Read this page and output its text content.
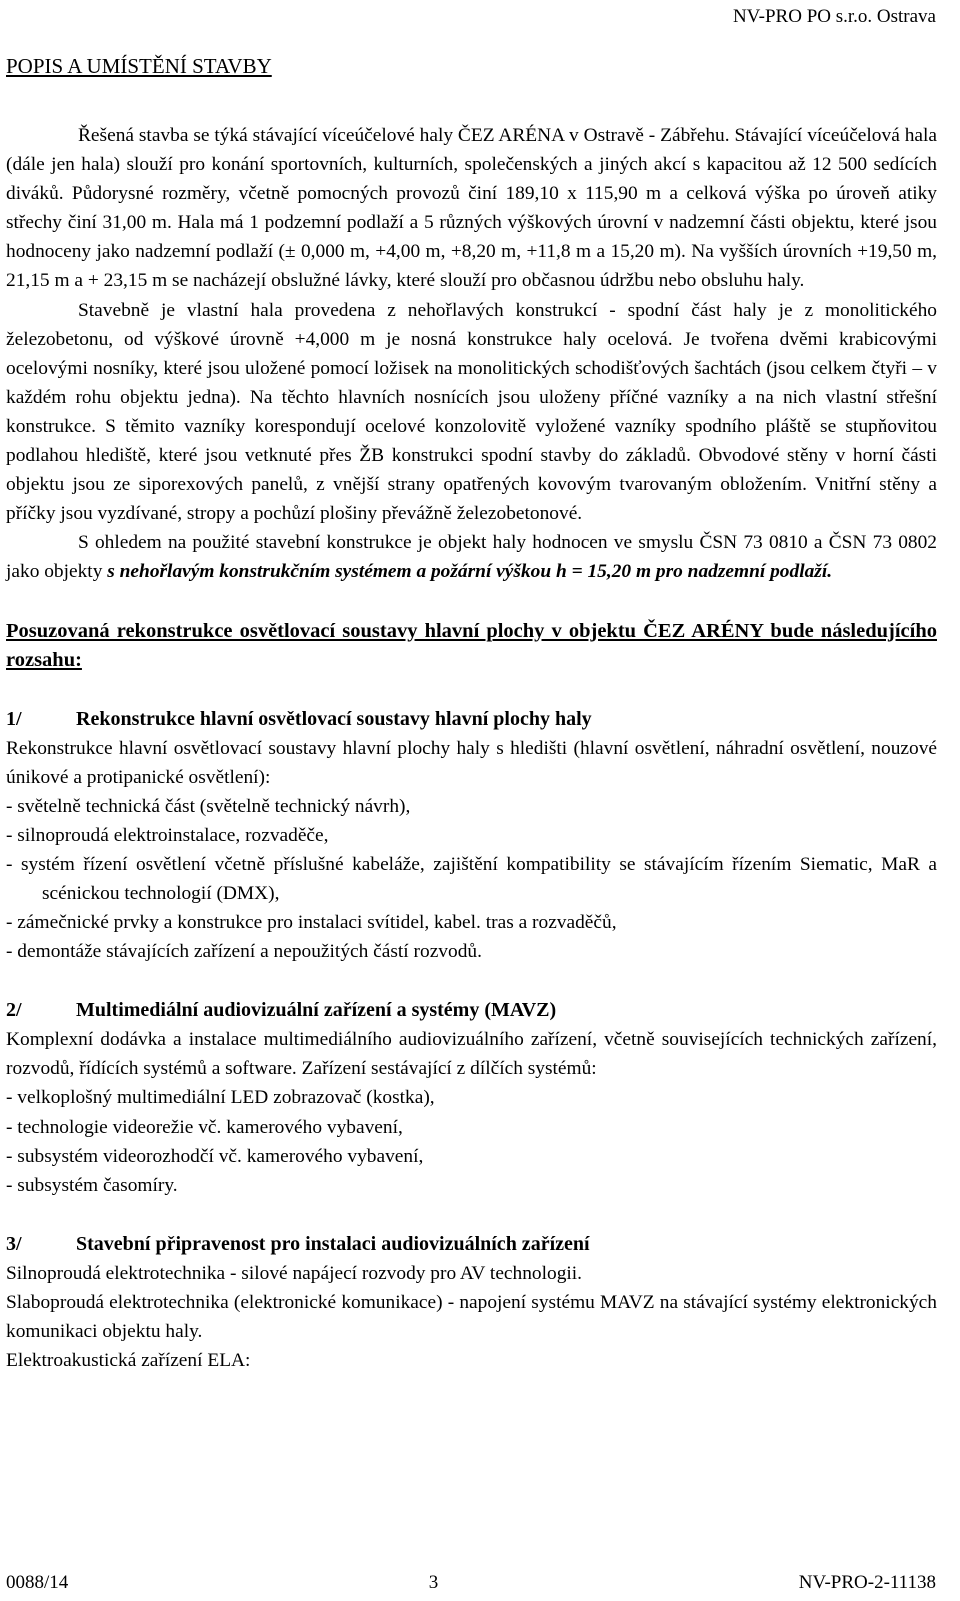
NV-PRO PO s.r.o. Ostrava

POPIS A UMÍSTĚNÍ STAVBY

Řešená stavba se týká stávající víceúčelové haly ČEZ ARÉNA v Ostravě - Zábřehu. Stávající víceúčelová hala (dále jen hala) slouží pro konání sportovních, kulturních, společenských a jiných akcí s kapacitou až 12 500 sedících diváků. Půdorysné rozměry, včetně pomocných provozů činí 189,10 x 115,90 m a celková výška po úroveň atiky střechy činí 31,00 m. Hala má 1 podzemní podlaží a 5 různých výškových úrovní v nadzemní části objektu, které jsou hodnoceny jako nadzemní podlaží (± 0,000 m, +4,00 m, +8,20 m, +11,8 m a 15,20 m). Na vyšších úrovních +19,50 m, 21,15 m a + 23,15 m se nacházejí obslužné lávky, které slouží pro občasnou údržbu nebo obsluhu haly.

Stavebně je vlastní hala provedena z nehořlavých konstrukcí - spodní část haly je z monolitického železobetonu, od výškové úrovně +4,000 m je nosná konstrukce haly ocelová. Je tvořena dvěmi krabicovými ocelovými nosníky, které jsou uložené pomocí ložisek na monolitických schodišťových šachtách (jsou celkem čtyři – v každém rohu objektu jedna). Na těchto hlavních nosnících jsou uloženy příčné vazníky a na nich vlastní střešní konstrukce. S těmito vazníky korespondují ocelové konzolovitě vyložené vazníky spodního pláště se stupňovitou podlahou hlediště, které jsou vetknuté přes ŽB konstrukci spodní stavby do základů. Obvodové stěny v horní části objektu jsou ze siporexových panelů, z vnější strany opatřených kovovým tvarovaným obložením. Vnitřní stěny a příčky jsou vyzdívané, stropy a pochůzí plošiny převážně železobetonové.

S ohledem na použité stavební konstrukce je objekt haly hodnocen ve smyslu ČSN 73 0810 a ČSN 73 0802 jako objekty s nehořlavým konstrukčním systémem a požární výškou h = 15,20 m pro nadzemní podlaží.

Posuzovaná rekonstrukce osvětlovací soustavy hlavní plochy v objektu ČEZ ARÉNY bude následujícího rozsahu:

1/	Rekonstrukce hlavní osvětlovací soustavy hlavní plochy haly

Rekonstrukce hlavní osvětlovací soustavy hlavní plochy haly s hledišti (hlavní osvětlení, náhradní osvětlení, nouzové únikové a protipanické osvětlení):

- světelně technická část (světelně technický návrh),

- silnoproudá elektroinstalace, rozvaděče,

- systém řízení osvětlení včetně příslušné kabeláže, zajištění kompatibility se stávajícím řízením Siematic, MaR a scénickou technologií (DMX),

- zámečnické prvky a konstrukce pro instalaci svítidel, kabel. tras a rozvaděčů,

- demontáže stávajících zařízení a nepoužitých částí rozvodů.

2/	Multimediální audiovizuální zařízení a systémy (MAVZ)

Komplexní dodávka a instalace multimediálního audiovizuálního zařízení, včetně souvisejících technických zařízení, rozvodů, řídících systémů a software. Zařízení sestávající z dílčích systémů:

- velkoplošný multimediální LED zobrazovač (kostka),

- technologie videorežie vč. kamerového vybavení,

- subsystém videorozhodčí vč. kamerového vybavení,

- subsystém časomíry.

3/	Stavební připravenost pro instalaci audiovizuálních zařízení

Silnoproudá elektrotechnika - silové napájecí rozvody pro AV technologii.

Slaboproudá elektrotechnika (elektronické komunikace) - napojení systému MAVZ na stávající systémy elektronických komunikaci objektu haly.

Elektroakustická zařízení ELA:

0088/14	3	NV-PRO-2-11138
